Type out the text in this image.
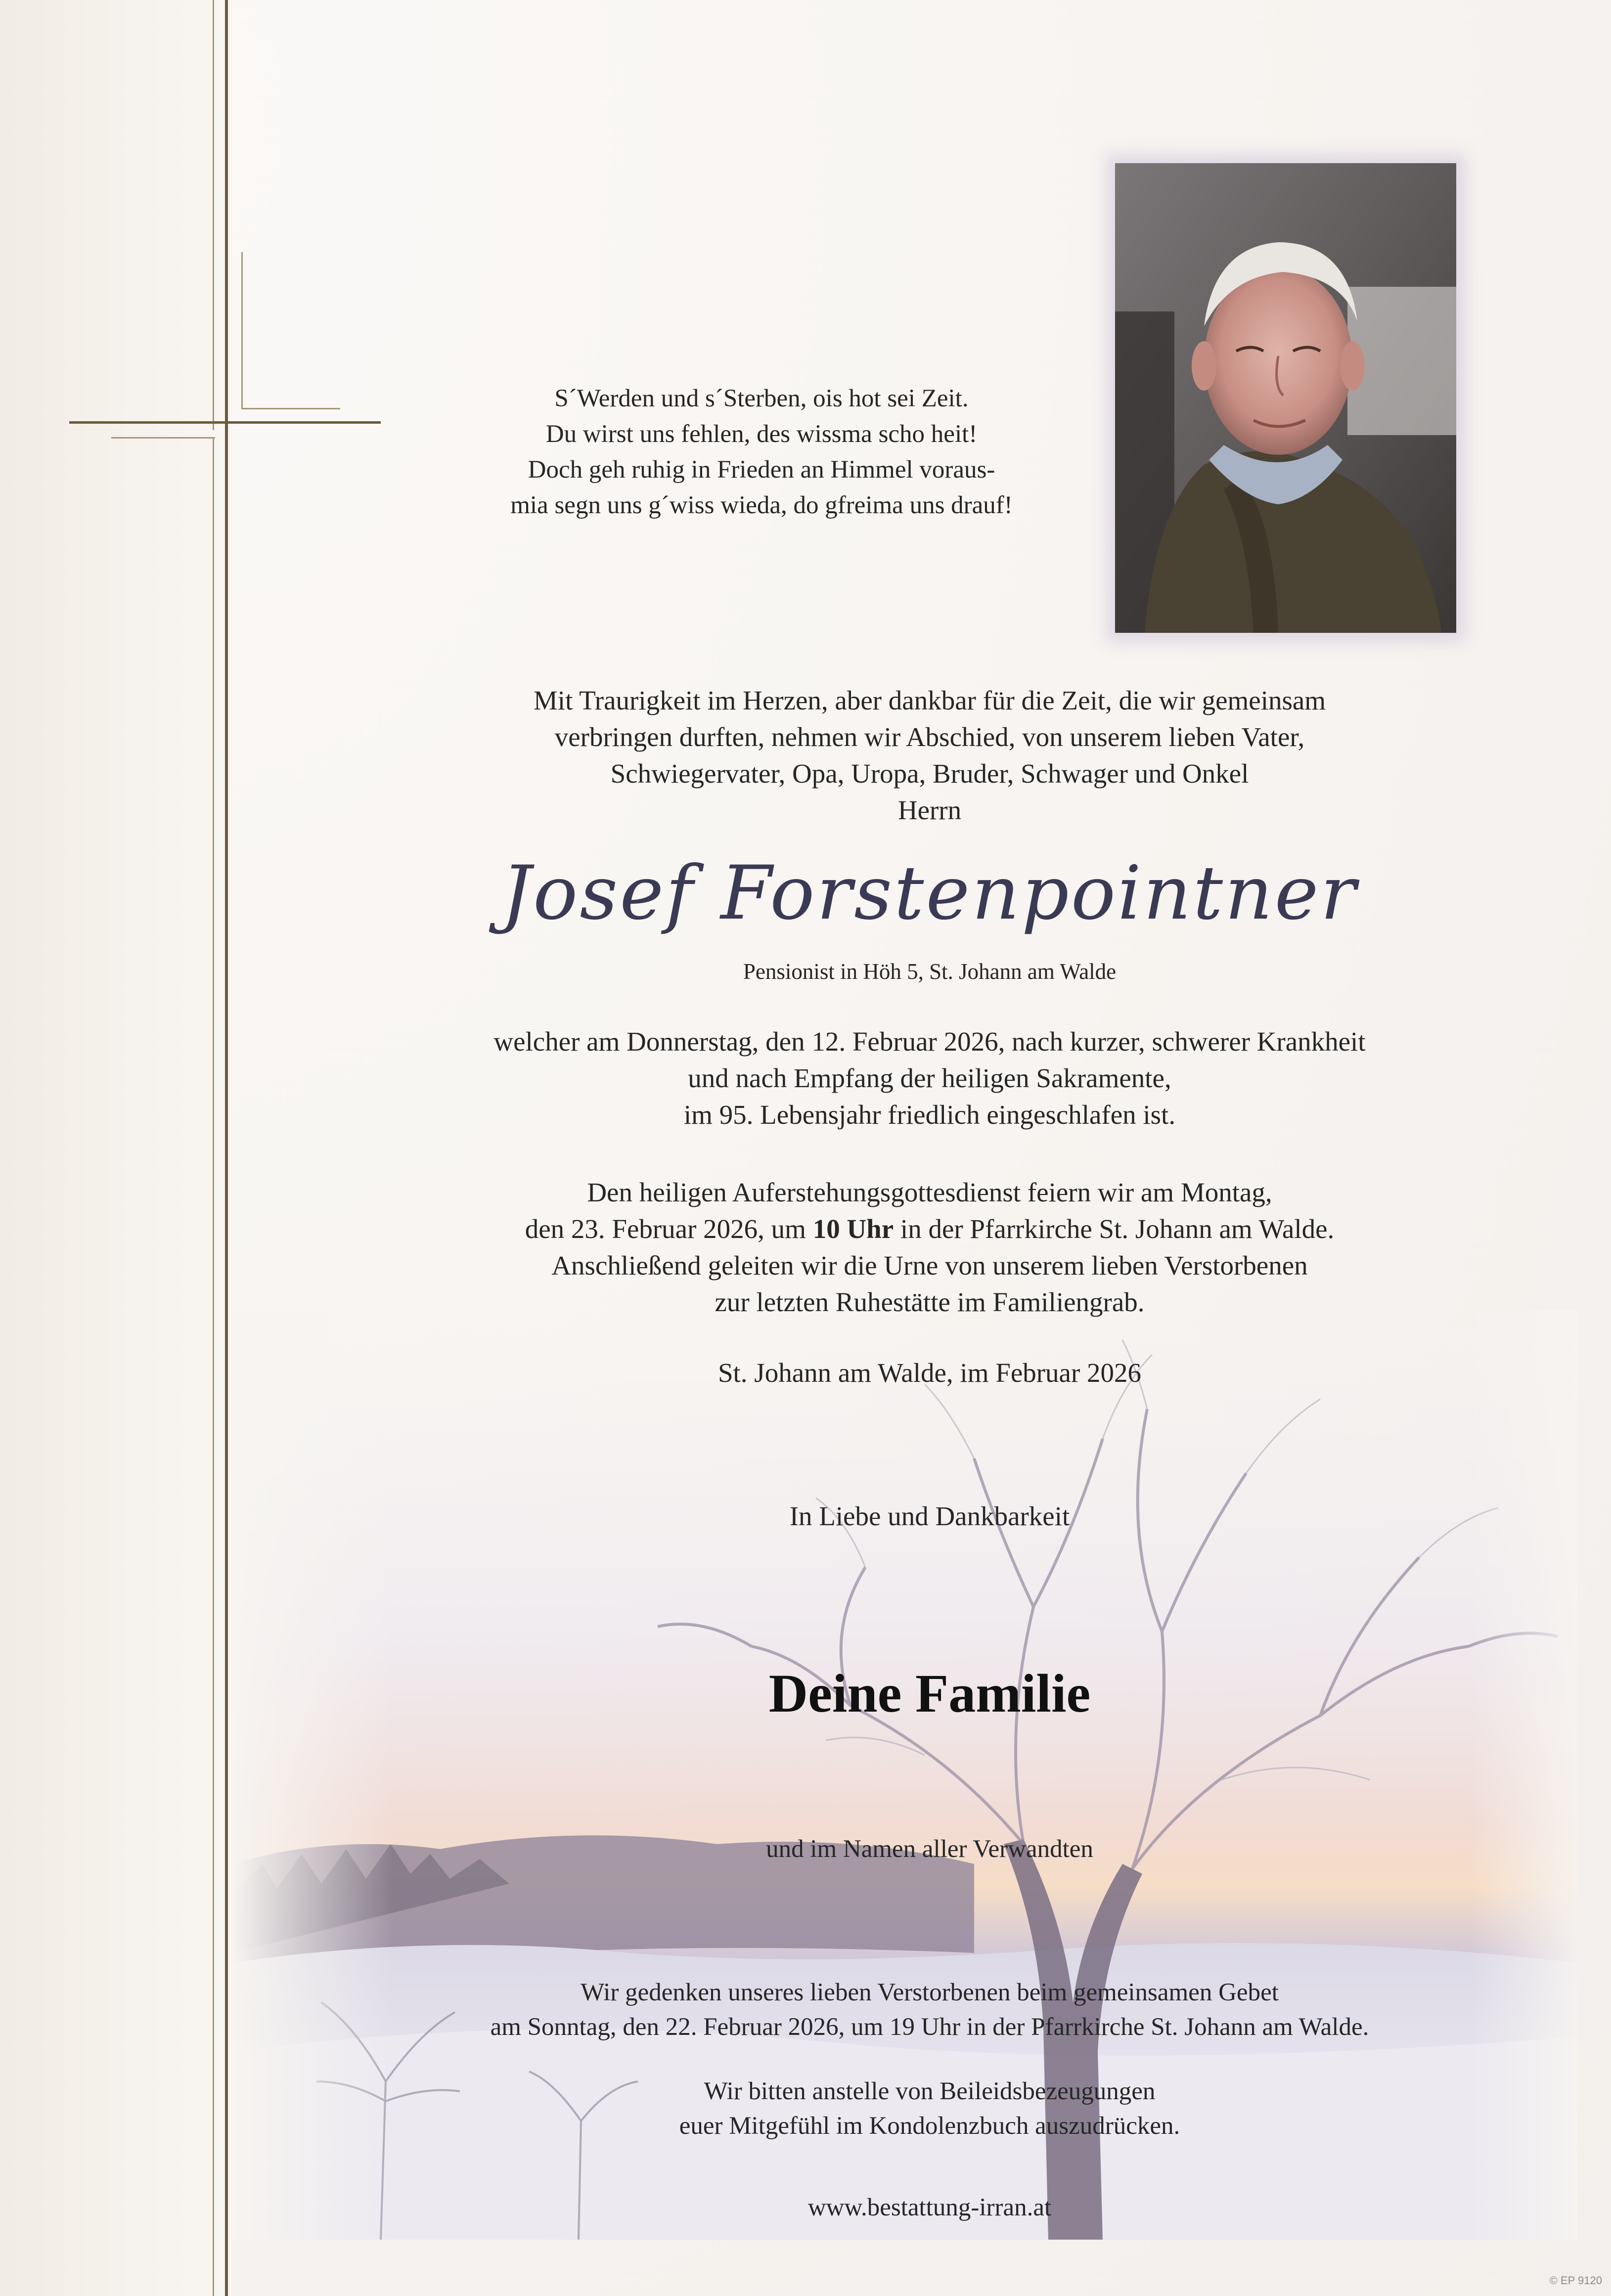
S´Werden und s´Sterben, ois hot sei Zeit.
Du wirst uns fehlen, des wissma scho heit!
Doch geh ruhig in Frieden an Himmel voraus-
mia segn uns g´wiss wieda, do gfreima uns drauf!
Mit Traurigkeit im Herzen, aber dankbar für die Zeit, die wir gemeinsam
verbringen durften, nehmen wir Abschied, von unserem lieben Vater,
Schwiegervater, Opa, Uropa, Bruder, Schwager und Onkel
Herrn
Josef Forstenpointner
Pensionist in Höh 5, St. Johann am Walde
welcher am Donnerstag, den 12. Februar 2026, nach kurzer, schwerer Krankheit
und nach Empfang der heiligen Sakramente,
im 95. Lebensjahr friedlich eingeschlafen ist.
Den heiligen Auferstehungsgottesdienst feiern wir am Montag,
den 23. Februar 2026, um 10 Uhr in der Pfarrkirche St. Johann am Walde.
Anschließend geleiten wir die Urne von unserem lieben Verstorbenen
zur letzten Ruhestätte im Familiengrab.
St. Johann am Walde, im Februar 2026
In Liebe und Dankbarkeit
Deine Familie
und im Namen aller Verwandten
Wir gedenken unseres lieben Verstorbenen beim gemeinsamen Gebet
am Sonntag, den 22. Februar 2026, um 19 Uhr in der Pfarrkirche St. Johann am Walde.
Wir bitten anstelle von Beileidsbezeugungen
euer Mitgefühl im Kondolenzbuch auszudrücken.
www.bestattung-irran.at
© EP 9120
